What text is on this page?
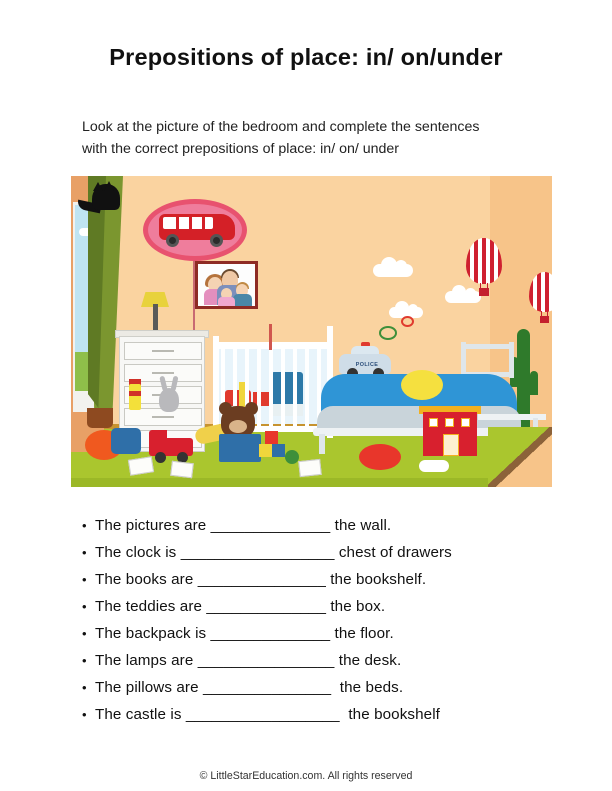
Prepositions of place: in/ on/under
Look at the picture of the bedroom and complete the sentences
with the correct prepositions of place: in/ on/ under
POLICE
• The pictures are ______________ the wall.
• The clock is __________________ chest of drawers
• The books are _______________ the bookshelf.
• The teddies are ______________ the box.
• The backpack is ______________ the floor.
• The lamps are ________________ the desk.
• The pillows are _______________  the beds.
• The castle is __________________  the bookshelf
© LittleStarEducation.com. All rights reserved
